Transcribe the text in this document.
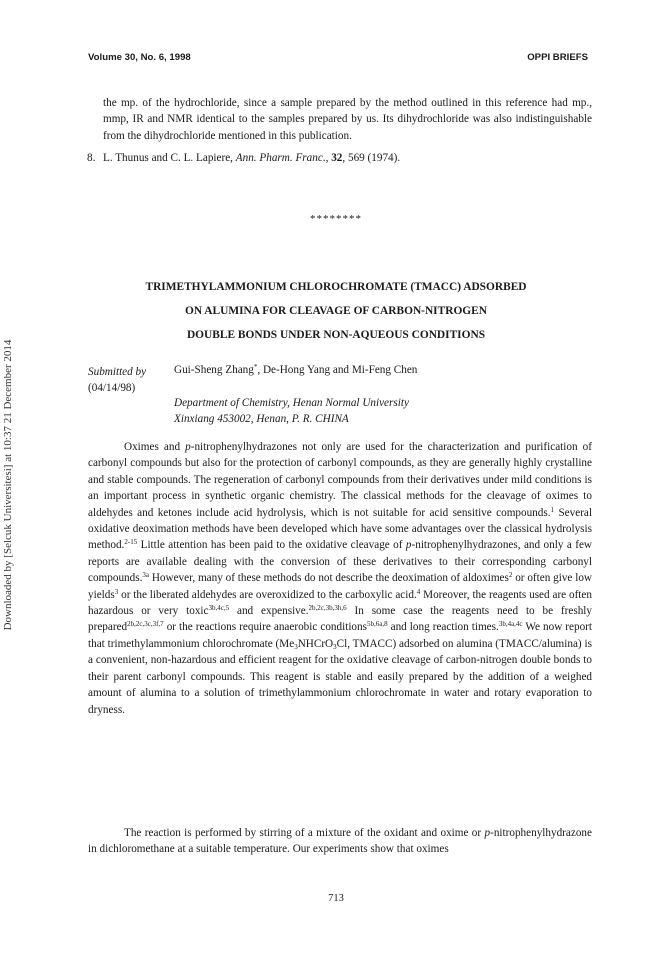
Volume 30, No. 6, 1998	OPPI BRIEFS
Downloaded by [Selcuk Universitesi] at 10:37 21 December 2014
the mp. of the hydrochloride, since a sample prepared by the method outlined in this reference had mp., mmp, IR and NMR identical to the samples prepared by us. Its dihydrochloride was also indistinguishable from the dihydrochloride mentioned in this publication.
8. L. Thunus and C. L. Lapiere, Ann. Pharm. Franc., 32, 569 (1974).
********
TRIMETHYLAMMONIUM CHLOROCHROMATE (TMACC) ADSORBED
ON ALUMINA FOR CLEAVAGE OF CARBON-NITROGEN
DOUBLE BONDS UNDER NON-AQUEOUS CONDITIONS
Submitted by
(04/14/98)
Gui-Sheng Zhang*, De-Hong Yang and Mi-Feng Chen
Department of Chemistry, Henan Normal University
Xinxiang 453002, Henan, P. R. CHINA

Oximes and p-nitrophenylhydrazones not only are used for the characterization and purification of carbonyl compounds but also for the protection of carbonyl compounds, as they are generally highly crystalline and stable compounds. The regeneration of carbonyl compounds from their derivatives under mild conditions is an important process in synthetic organic chemistry. The classical methods for the cleavage of oximes to aldehydes and ketones include acid hydrolysis, which is not suitable for acid sensitive compounds.$^1$ Several oxidative deoximation methods have been developed which have some advantages over the classical hydrolysis method.$^{2-15}$ Little attention has been paid to the oxidative cleavage of p-nitrophenylhydrazones, and only a few reports are available dealing with the conversion of these derivatives to their corresponding carbonyl compounds.$^{3a}$ However, many of these methods do not describe the deoximation of aldoximes$^2$ or often give low yields$^3$ or the liberated aldehydes are overoxidized to the carboxylic acid.$^4$ Moreover, the reagents used are often hazardous or very toxic$^{3b,4c,5}$ and expensive.$^{2b,2c,3b,3h,6}$ In some case the reagents need to be freshly prepared$^{2b,2c,3c,3f,7}$ or the reactions require anaerobic conditions$^{5b,6a,8}$ and long reaction times.$^{3b,4a,4c}$ We now report that trimethylammonium chlorochromate ($Me_3NHCrO_3Cl$, TMACC) adsorbed on alumina (TMACC/alumina) is a convenient, non-hazardous and efficient reagent for the oxidative cleavage of carbon-nitrogen double bonds to their parent carbonyl compounds. This reagent is stable and easily prepared by the addition of a weighed amount of alumina to a solution of trimethylammonium chlorochromate in water and rotary evaporation to dryness.

The reaction is performed by stirring of a mixture of the oxidant and oxime or p-nitrophenylhydrazone in dichloromethane at a suitable temperature. Our experiments show that oximes

713
